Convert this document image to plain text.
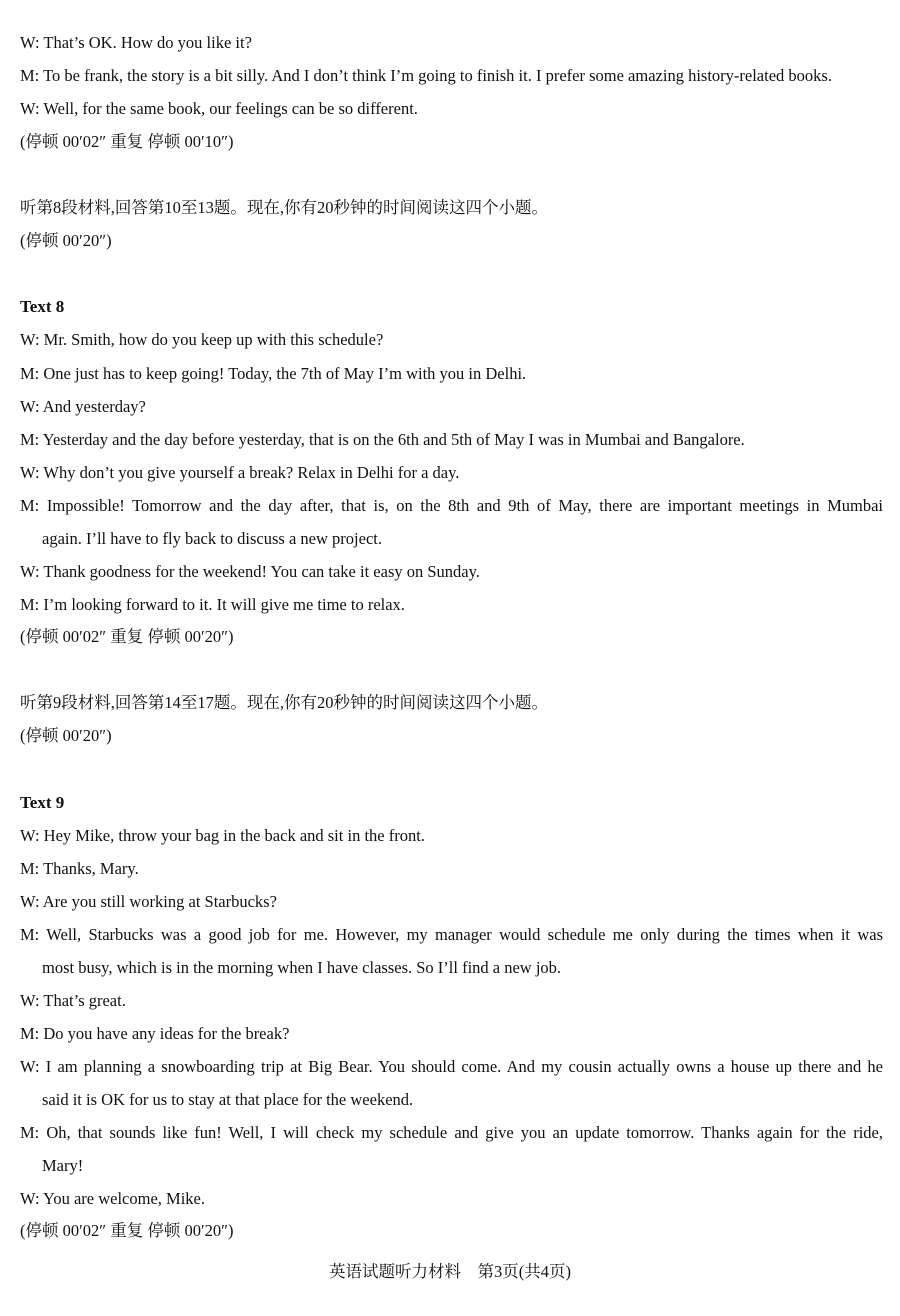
W: That’s OK. How do you like it?
M: To be frank, the story is a bit silly. And I don’t think I’m going to finish it. I prefer some amazing history-related books.
W: Well, for the same book, our feelings can be so different.
(停顿 00′02″ 重复 停顿 00′10″)
听第8段材料,回答第10至13题。现在,你有20秒钟的时间阅读这四个小题。
(停顿 00′20″)
Text 8
W: Mr. Smith, how do you keep up with this schedule?
M: One just has to keep going! Today, the 7th of May I’m with you in Delhi.
W: And yesterday?
M: Yesterday and the day before yesterday, that is on the 6th and 5th of May I was in Mumbai and Bangalore.
W: Why don’t you give yourself a break? Relax in Delhi for a day.
M: Impossible! Tomorrow and the day after, that is, on the 8th and 9th of May, there are important meetings in Mumbai
again. I’ll have to fly back to discuss a new project.
W: Thank goodness for the weekend! You can take it easy on Sunday.
M: I’m looking forward to it. It will give me time to relax.
(停顿 00′02″ 重复 停顿 00′20″)
听第9段材料,回答第14至17题。现在,你有20秒钟的时间阅读这四个小题。
(停顿 00′20″)
Text 9
W: Hey Mike, throw your bag in the back and sit in the front.
M: Thanks, Mary.
W: Are you still working at Starbucks?
M: Well, Starbucks was a good job for me. However, my manager would schedule me only during the times when it was
most busy, which is in the morning when I have classes. So I’ll find a new job.
W: That’s great.
M: Do you have any ideas for the break?
W: I am planning a snowboarding trip at Big Bear. You should come. And my cousin actually owns a house up there and he
said it is OK for us to stay at that place for the weekend.
M: Oh, that sounds like fun! Well, I will check my schedule and give you an update tomorrow. Thanks again for the ride,
Mary!
W: You are welcome, Mike.
(停顿 00′02″ 重复 停顿 00′20″)
英语试题听力材料    第3页(共4页)
